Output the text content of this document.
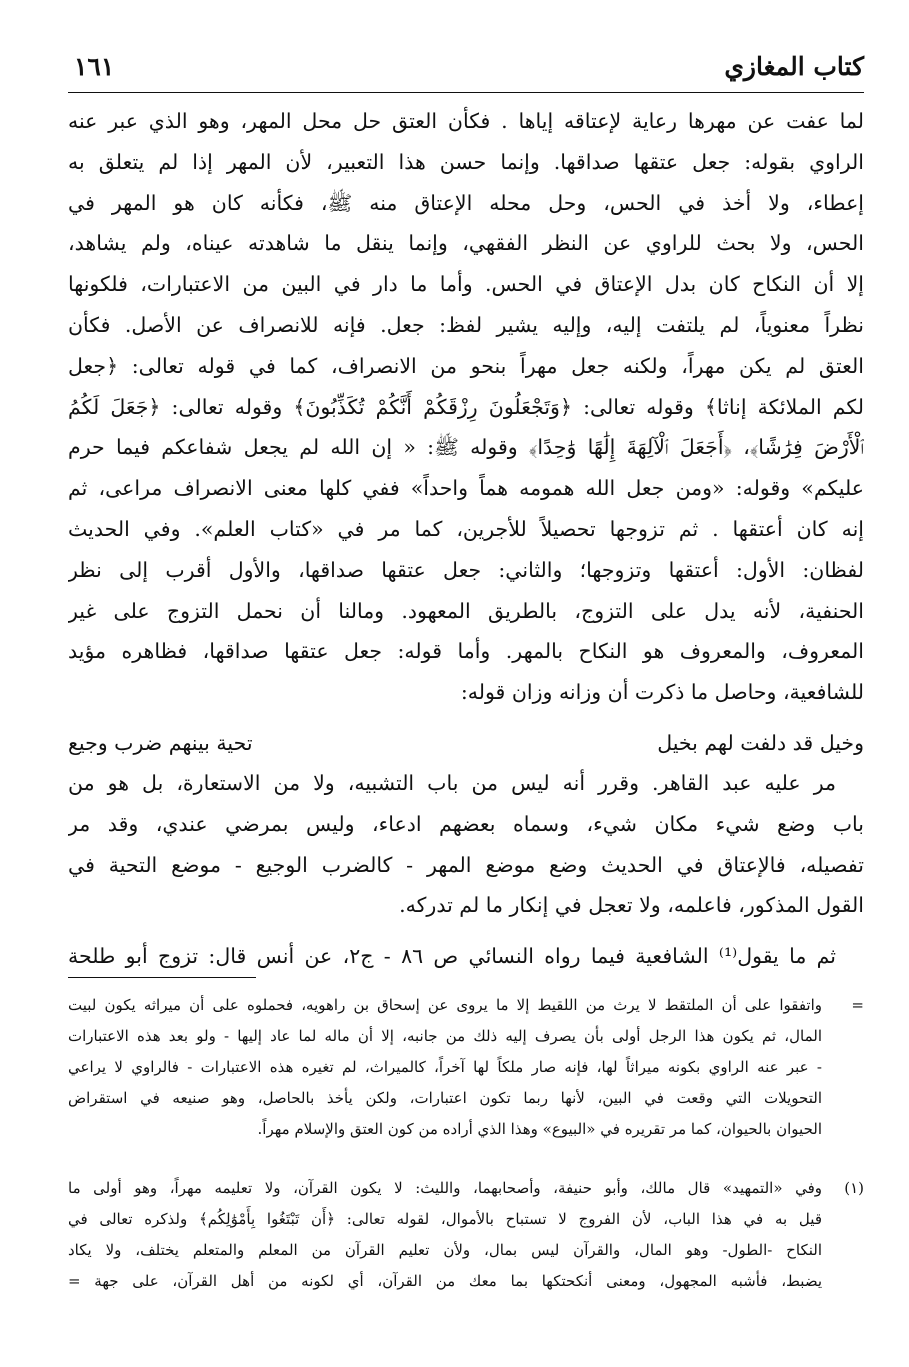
كتاب المغازي
١٦١
لما عفت عن مهرها رعاية لإعتاقه إياها . فكأن العتق حل محل المهر، وهو الذي عبر عنه
الراوي بقوله: جعل عتقها صداقها. وإنما حسن هذا التعبير، لأن المهر إذا لم يتعلق به
إعطاء، ولا أخذ في الحس، وحل محله الإعتاق منه ﷺ، فكأنه كان هو المهر في
الحس، ولا بحث للراوي عن النظر الفقهي، وإنما ينقل ما شاهدته عيناه، ولم يشاهد،
إلا أن النكاح كان بدل الإعتاق في الحس. وأما ما دار في البين من الاعتبارات، فلكونها
نظراً معنوياً، لم يلتفت إليه، وإليه يشير لفظ: جعل. فإنه للانصراف عن الأصل. فكأن
العتق لم يكن مهراً، ولكنه جعل مهراً بنحو من الانصراف، كما في قوله تعالى: ﴿جعل
لكم الملائكة إناثا﴾ وقوله تعالى: ﴿وَتَجْعَلُونَ رِزْقَكُمْ أَنَّكُمْ تُكَذِّبُونَ﴾ وقوله تعالى: ﴿جَعَلَ لَكُمُ
ٱلْأَرْضَ فِرَٰشًا﴾، ﴿أَجَعَلَ ٱلْآلِهَةَ إِلَٰهًا وَٰحِدًا﴾ وقوله ﷺ: « إن الله لم يجعل شفاعكم فيما حرم
عليكم» وقوله: «ومن جعل الله همومه هماً واحداً» ففي كلها معنى الانصراف مراعى، ثم
إنه كان أعتقها . ثم تزوجها تحصيلاً للأجرين، كما مر في «كتاب العلم». وفي الحديث
لفظان: الأول: أعتقها وتزوجها؛ والثاني: جعل عتقها صداقها، والأول أقرب إلى نظر
الحنفية، لأنه يدل على التزوج، بالطريق المعهود. ومالنا أن نحمل التزوج على غير
المعروف، والمعروف هو النكاح بالمهر. وأما قوله: جعل عتقها صداقها، فظاهره مؤيد
للشافعية، وحاصل ما ذكرت أن وزانه وزان قوله:
وخيل قد دلفت لهم بخيل
تحية بينهم ضرب وجيع
مر عليه عبد القاهر. وقرر أنه ليس من باب التشبيه، ولا من الاستعارة، بل هو من
باب وضع شيء مكان شيء، وسماه بعضهم ادعاء، وليس بمرضي عندي، وقد مر
تفصيله، فالإعتاق في الحديث وضع موضع المهر - كالضرب الوجيع - موضع التحية في
القول المذكور، فاعلمه، ولا تعجل في إنكار ما لم تدركه.
ثم ما يقول⁽¹⁾ الشافعية فيما رواه النسائي ص ٨٦ - ج٢، عن أنس قال: تزوج أبو طلحة
=
واتفقوا على أن الملتقط لا يرث من اللقيط إلا ما يروى عن إسحاق بن راهويه، فحملوه على أن ميراثه يكون لبيت
المال، ثم يكون هذا الرجل أولى بأن يصرف إليه ذلك من جانبه، إلا أن ماله لما عاد إليها - ولو بعد هذه الاعتبارات
- عبر عنه الراوي بكونه ميراثاً لها، فإنه صار ملكاً لها آخراً، كالميراث، لم تغيره هذه الاعتبارات - فالراوي لا يراعي
التحويلات التي وقعت في البين، لأنها ربما تكون اعتبارات، ولكن يأخذ بالحاصل، وهو صنيعه في استقراض
الحيوان بالحيوان، كما مر تقريره في «البيوع» وهذا الذي أراده من كون العتق والإسلام مهراً.
(١)
وفي «التمهيد» قال مالك، وأبو حنيفة، وأصحابهما، والليث: لا يكون القرآن، ولا تعليمه مهراً، وهو أولى ما
قيل به في هذا الباب، لأن الفروج لا تستباح بالأموال، لقوله تعالى: ﴿أَن تَبْتَغُوا بِأَمْوَٰلِكُم﴾ ولذكره تعالى في
النكاح -الطول- وهو المال، والقرآن ليس بمال، ولأن تعليم القرآن من المعلم والمتعلم يختلف، ولا يكاد
يضبط، فأشبه المجهول، ومعنى أنكحتكها بما معك من القرآن، أي لكونه من أهل القرآن، على جهة =
